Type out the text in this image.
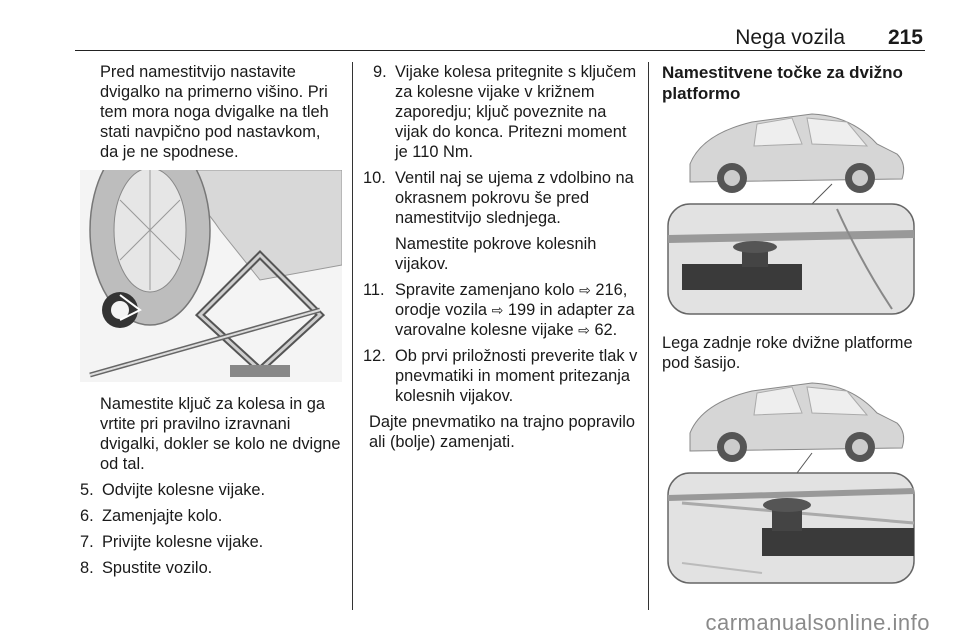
Nega vozila 215

Pred namestitvijo nastavite dvigalko na primerno višino. Pri tem mora noga dvigalke na tleh stati navpično pod nastavkom, da je ne spodnese.

Namestite ključ za kolesa in ga vrtite pri pravilno izravnani dvigalki, dokler se kolo ne dvigne od tal.

5. Odvijte kolesne vijake.
6. Zamenjajte kolo.
7. Privijte kolesne vijake.
8. Spustite vozilo.
9. Vijake kolesa pritegnite s ključem za kolesne vijake v križnem zaporedju; ključ poveznite na vijak do konca. Pritezni moment je 110 Nm.
10. Ventil naj se ujema z vdolbino na okrasnem pokrovu še pred namestitvijo slednjega.

Namestite pokrove kolesnih vijakov.

11. Spravite zamenjano kolo ⇨ 216, orodje vozila ⇨ 199 in adapter za varovalne kolesne vijake ⇨ 62.
12. Ob prvi priložnosti preverite tlak v pnevmatiki in moment pritezanja kolesnih vijakov.

Dajte pnevmatiko na trajno popravilo ali (bolje) zamenjati.

Namestitvene točke za dvižno platformo

Lega zadnje roke dvižne platforme pod šasijo.

carmanualsonline.info
